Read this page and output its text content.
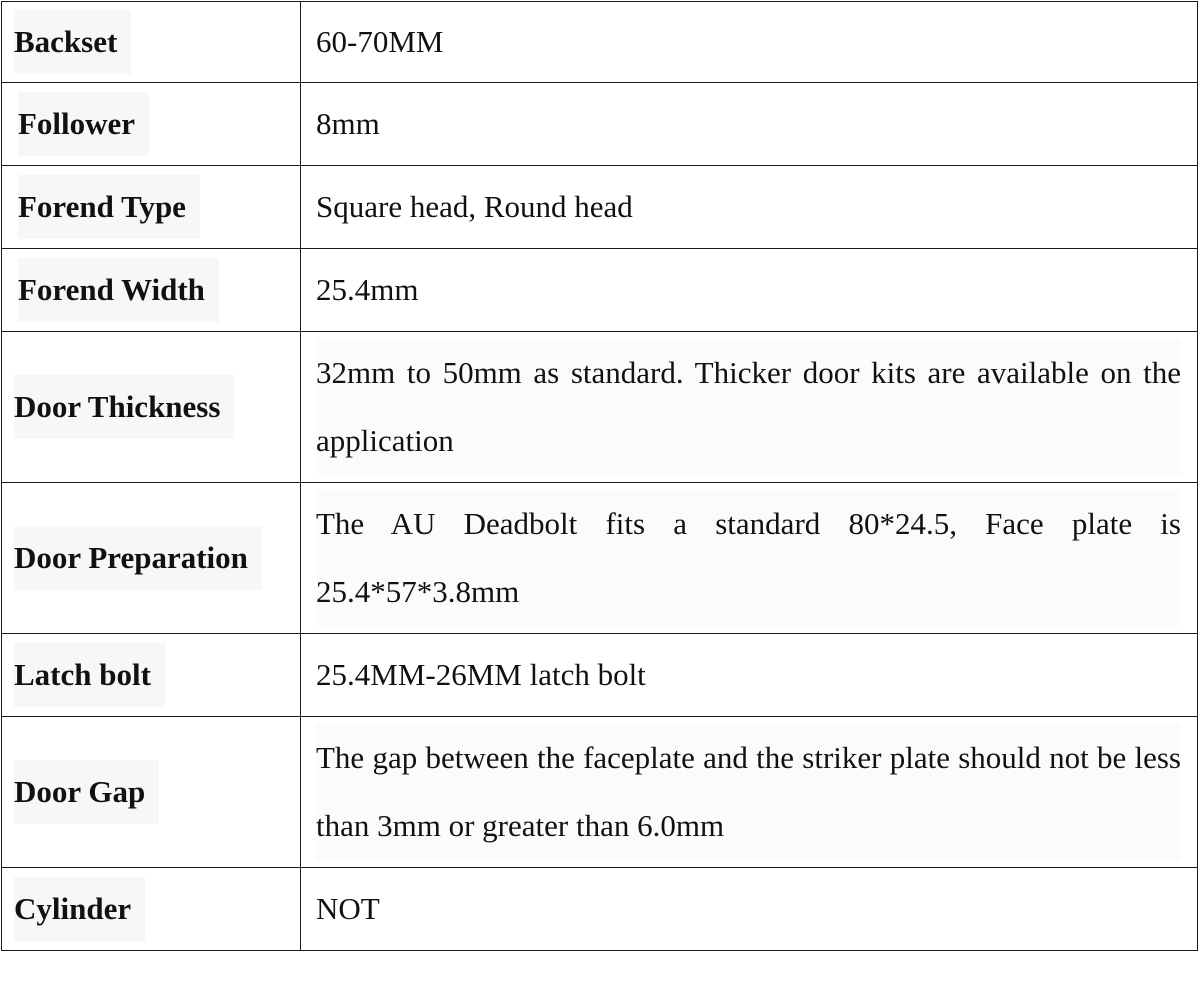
Backset	60-70MM

Follower	8mm

Forend Type	Square head, Round head

Forend Width	25.4mm

Door Thickness	32mm to 50mm as standard. Thicker door kits are available on the application

Door Preparation	The AU Deadbolt fits a standard 80*24.5, Face plate is 25.4*57*3.8mm

Latch bolt	25.4MM-26MM latch bolt

Door Gap	The gap between the faceplate and the striker plate should not be less than 3mm or greater than 6.0mm

Cylinder	NOT
